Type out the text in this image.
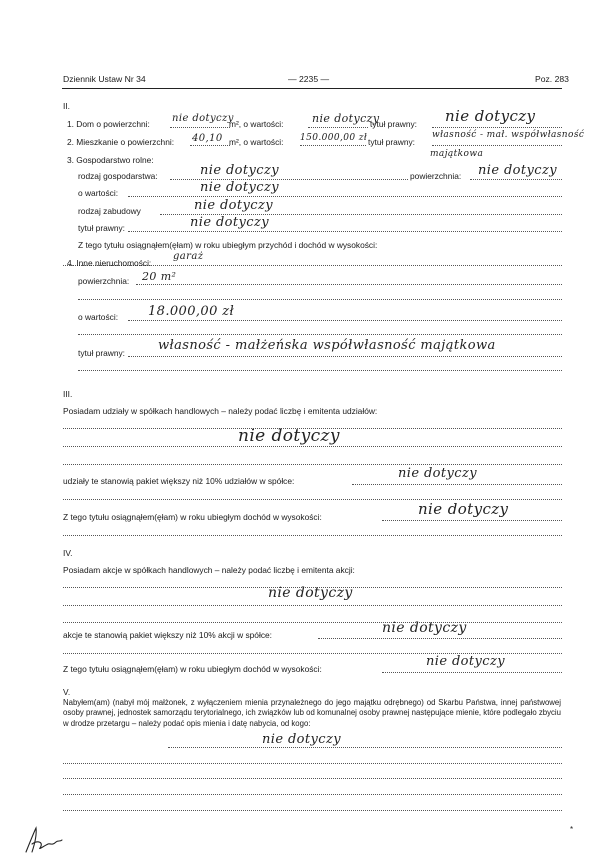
Dziennik Ustaw Nr 34	— 2235 —	Poz. 283
II.
1. Dom o powierzchni: nie dotyczy
m², o wartości:	nie dotyczy
tytuł prawny: nie dotyczy
2. Mieszkanie o powierzchni: 40,10 m², o wartości: 150.000,00 zł tytuł prawny:
własność - mał. współwłasność
majątkowa
3. Gospodarstwo rolne:
rodzaj gospodarstwa:	nie dotyczy	powierzchnia: nie dotyczy
o wartości:	nie dotyczy
rodzaj zabudowy	nie dotyczy
tytuł prawny:	nie dotyczy
Z tego tytułu osiągnąłem(ęłam) w roku ubiegłym przychód i dochód w wysokości:
4. Inne nieruchomości:
garaż
powierzchnia: 20 m²
o wartości: 18.000,00 zł
tytuł prawny:	własność - małżeńska współwłasność majątkowa
III.
Posiadam udziały w spółkach handlowych – należy podać liczbę i emitenta udziałów:
nie dotyczy
udziały te stanowią pakiet większy niż 10% udziałów w spółce:	nie dotyczy
Z tego tytułu osiągnąłem(ęłam) w roku ubiegłym dochód w wysokości:	nie dotyczy
IV.
Posiadam akcje w spółkach handlowych – należy podać liczbę i emitenta akcji:
nie dotyczy
akcje te stanowią pakiet większy niż 10% akcji w spółce:	nie dotyczy
Z tego tytułu osiągnąłem(ęłam) w roku ubiegłym dochód w wysokości:	nie dotyczy
V.
Nabyłem(am) (nabył mój małżonek, z wyłączeniem mienia przynależnego do jego majątku odrębnego) od Skarbu Państwa, innej państwowej osoby prawnej, jednostek samorządu terytorialnego, ich związków lub od komunalnej osoby prawnej następujące mienie, które podlegało zbyciu w drodze przetargu – należy podać opis mienia i datę nabycia, od kogo:
nie dotyczy
*
